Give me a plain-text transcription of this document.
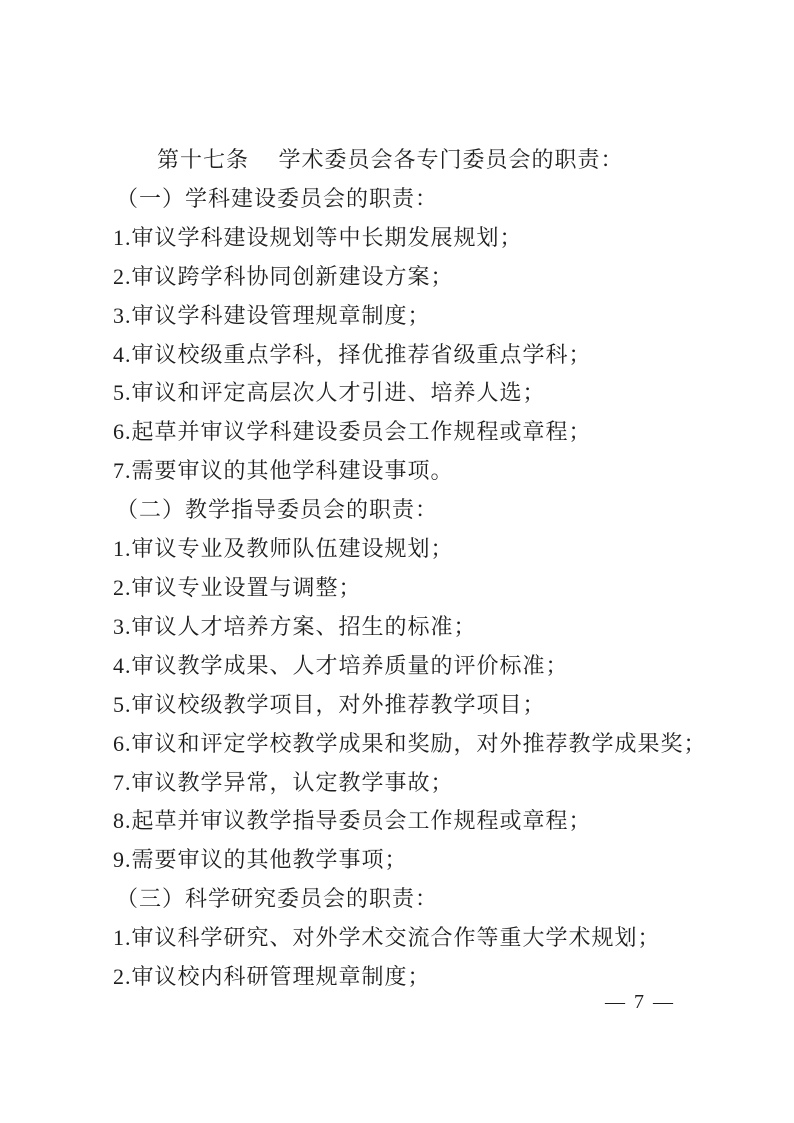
第十七条　 学术委员会各专门委员会的职责：

（一）学科建设委员会的职责：

1.审议学科建设规划等中长期发展规划；

2.审议跨学科协同创新建设方案；

3.审议学科建设管理规章制度；

4.审议校级重点学科，择优推荐省级重点学科；

5.审议和评定高层次人才引进、培养人选；

6.起草并审议学科建设委员会工作规程或章程；

7.需要审议的其他学科建设事项。

（二）教学指导委员会的职责：

1.审议专业及教师队伍建设规划；

2.审议专业设置与调整；

3.审议人才培养方案、招生的标准；

4.审议教学成果、人才培养质量的评价标准；

5.审议校级教学项目，对外推荐教学项目；

6.审议和评定学校教学成果和奖励，对外推荐教学成果奖；

7.审议教学异常，认定教学事故；

8.起草并审议教学指导委员会工作规程或章程；

9.需要审议的其他教学事项；

（三）科学研究委员会的职责：

1.审议科学研究、对外学术交流合作等重大学术规划；

2.审议校内科研管理规章制度；

— 7 —
